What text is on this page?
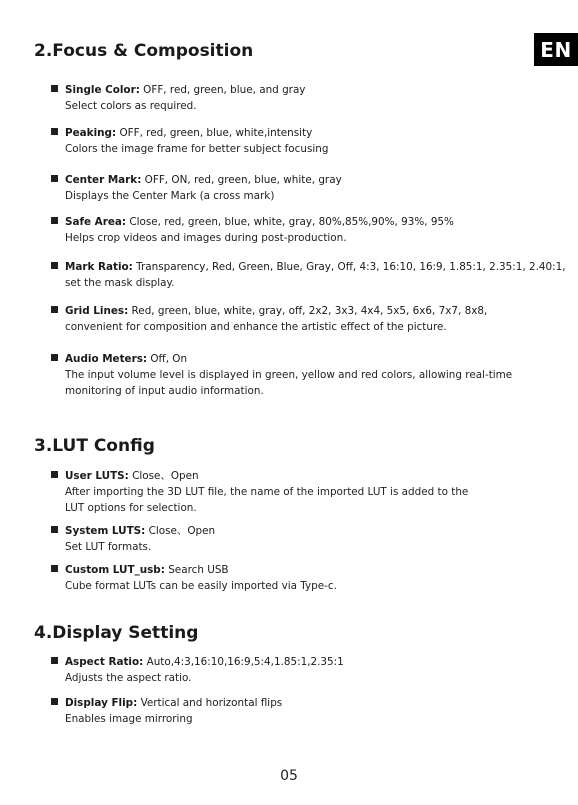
EN
2.Focus & Composition
Single Color: OFF, red, green, blue, and gray
Select colors as required.
Peaking: OFF, red, green, blue, white,intensity
Colors the image frame for better subject focusing
Center Mark: OFF, ON, red, green, blue, white, gray
Displays the Center Mark (a cross mark)
Safe Area: Close, red, green, blue, white, gray, 80%,85%,90%, 93%, 95%
Helps crop videos and images during post-production.
Mark Ratio: Transparency, Red, Green, Blue, Gray, Off, 4:3, 16:10, 16:9, 1.85:1, 2.35:1, 2.40:1,
set the mask display.
Grid Lines: Red, green, blue, white, gray, off, 2x2, 3x3, 4x4, 5x5, 6x6, 7x7, 8x8,
convenient for composition and enhance the artistic effect of the picture.
Audio Meters: Off, On
The input volume level is displayed in green, yellow and red colors, allowing real-time
monitoring of input audio information.
3.LUT Config
User LUTS: Close、Open
After importing the 3D LUT file, the name of the imported LUT is added to the
LUT options for selection.
System LUTS: Close、Open
Set LUT formats.
Custom LUT_usb: Search USB
Cube format LUTs can be easily imported via Type-c.
4.Display Setting
Aspect Ratio: Auto,4:3,16:10,16:9,5:4,1.85:1,2.35:1
Adjusts the aspect ratio.
Display Flip: Vertical and horizontal flips
Enables image mirroring
05
